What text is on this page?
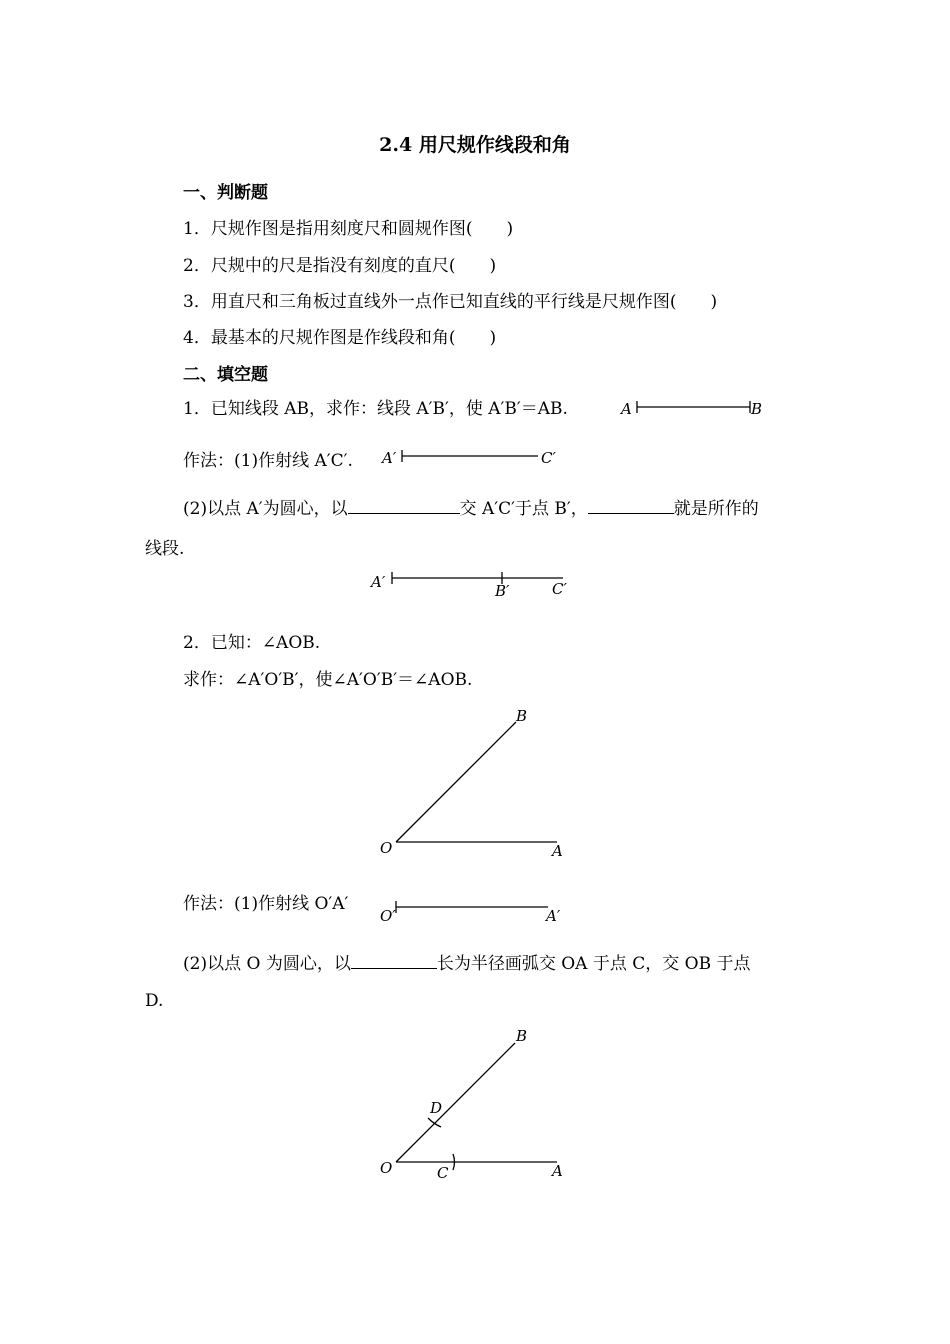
2.4 用尺规作线段和角
一、判断题
1．尺规作图是指用刻度尺和圆规作图(　　)
2．尺规中的尺是指没有刻度的直尺(　　)
3．用直尺和三角板过直线外一点作已知直线的平行线是尺规作图(　　)
4．最基本的尺规作图是作线段和角(　　)
二、填空题
1．已知线段 AB，求作：线段 A′B′，使 A′B′＝AB.
作法：(1)作射线 A′C′.
(2)以点 A′为圆心，以	交 A′C′于点 B′，	就是所作的
线段.
2．已知：∠AOB.
求作：∠A′O′B′，使∠A′O′B′＝∠AOB.
作法：(1)作射线 O′A′
(2)以点 O 为圆心，以	长为半径画弧交 OA 于点 C，交 OB 于点
D.
A	B
A′	C′
A′	B′	C′
B
O	A
O′	A′
B
D
O	C	A
